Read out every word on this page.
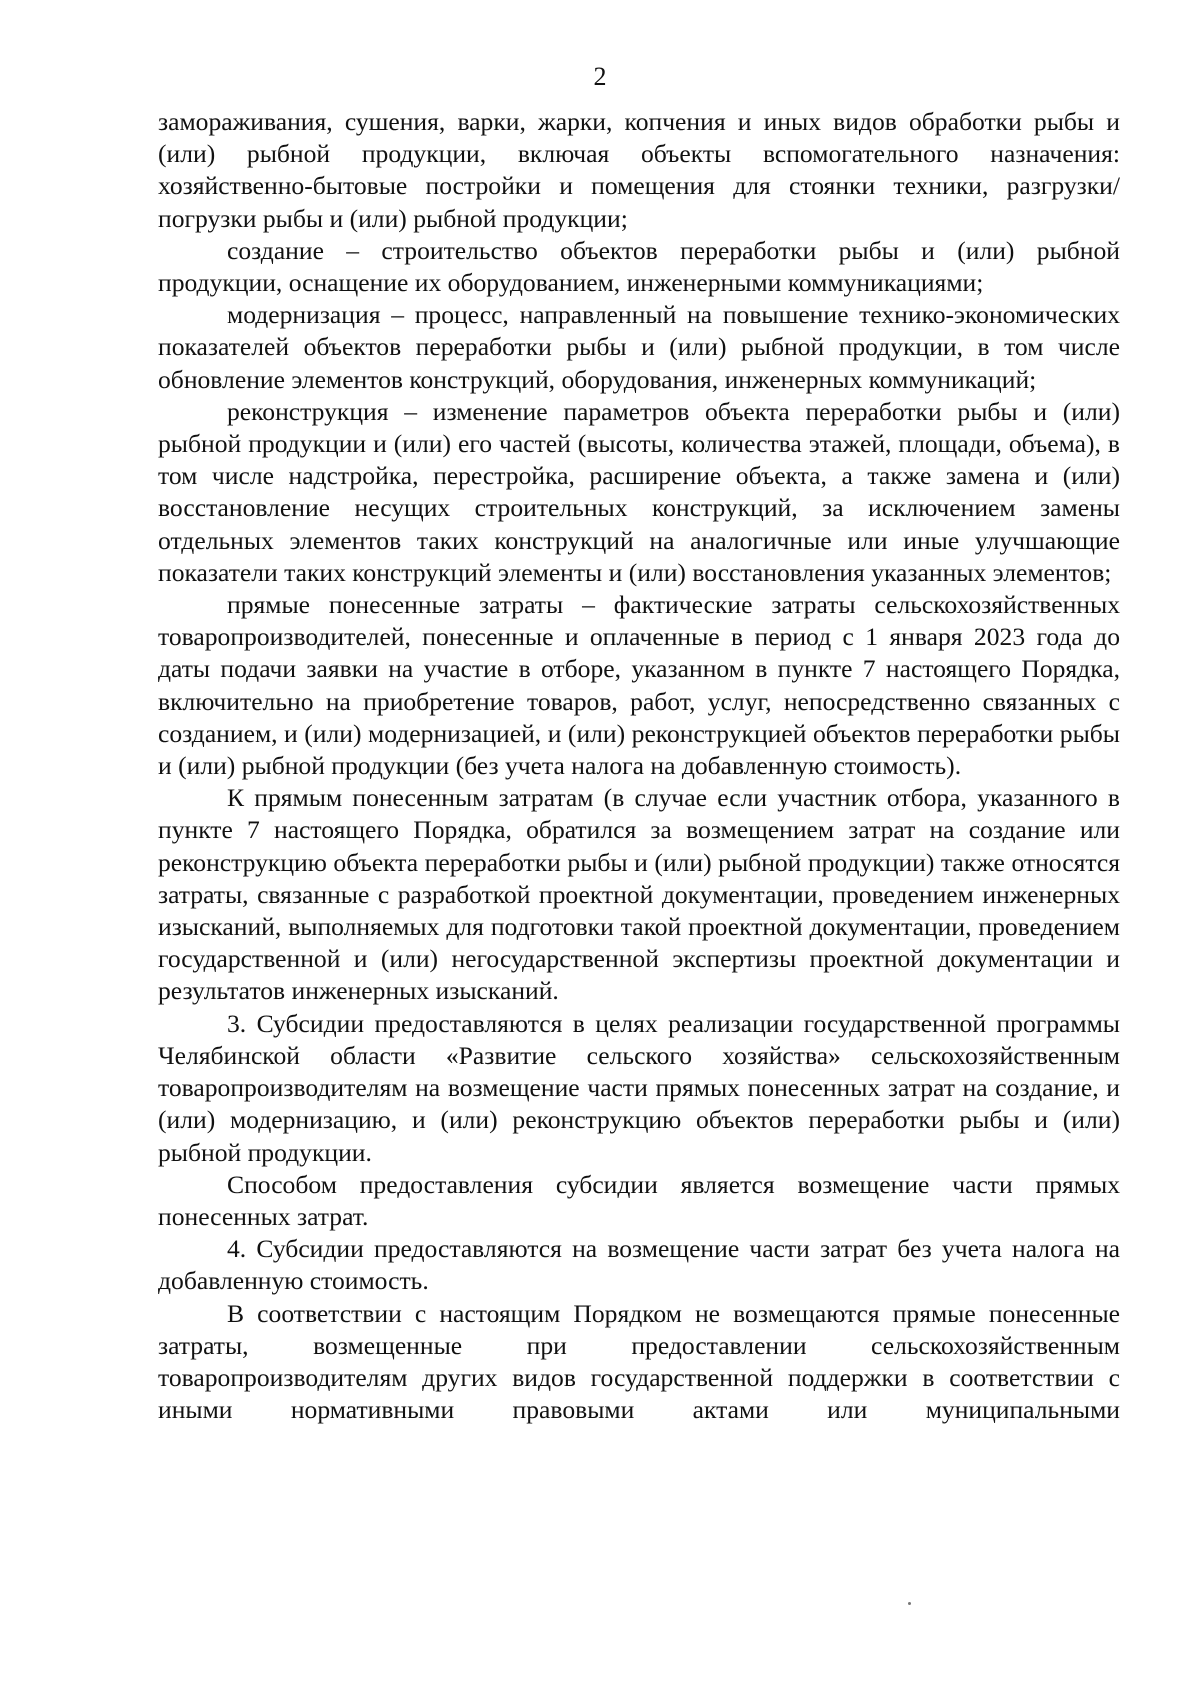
2

замораживания, сушения, варки, жарки, копчения и иных видов обработки рыбы и (или) рыбной продукции, включая объекты вспомогательного назначения: хозяйственно-бытовые постройки и помещения для стоянки техники, разгрузки/погрузки рыбы и (или) рыбной продукции;

создание – строительство объектов переработки рыбы и (или) рыбной продукции, оснащение их оборудованием, инженерными коммуникациями;

модернизация – процесс, направленный на повышение технико-экономических показателей объектов переработки рыбы и (или) рыбной продукции, в том числе обновление элементов конструкций, оборудования, инженерных коммуникаций;

реконструкция – изменение параметров объекта переработки рыбы и (или) рыбной продукции и (или) его частей (высоты, количества этажей, площади, объема), в том числе надстройка, перестройка, расширение объекта, а также замена и (или) восстановление несущих строительных конструкций, за исключением замены отдельных элементов таких конструкций на аналогичные или иные улучшающие показатели таких конструкций элементы и (или) восстановления указанных элементов;

прямые понесенные затраты – фактические затраты сельскохозяйственных товаропроизводителей, понесенные и оплаченные в период с 1 января 2023 года до даты подачи заявки на участие в отборе, указанном в пункте 7 настоящего Порядка, включительно на приобретение товаров, работ, услуг, непосредственно связанных с созданием, и (или) модернизацией, и (или) реконструкцией объектов переработки рыбы и (или) рыбной продукции (без учета налога на добавленную стоимость).

К прямым понесенным затратам (в случае если участник отбора, указанного в пункте 7 настоящего Порядка, обратился за возмещением затрат на создание или реконструкцию объекта переработки рыбы и (или) рыбной продукции) также относятся затраты, связанные с разработкой проектной документации, проведением инженерных изысканий, выполняемых для подготовки такой проектной документации, проведением государственной и (или) негосударственной экспертизы проектной документации и результатов инженерных изысканий.

3. Субсидии предоставляются в целях реализации государственной программы Челябинской области «Развитие сельского хозяйства» сельскохозяйственным товаропроизводителям на возмещение части прямых понесенных затрат на создание, и (или) модернизацию, и (или) реконструкцию объектов переработки рыбы и (или) рыбной продукции.

Способом предоставления субсидии является возмещение части прямых понесенных затрат.

4. Субсидии предоставляются на возмещение части затрат без учета налога на добавленную стоимость.

В соответствии с настоящим Порядком не возмещаются прямые понесенные затраты, возмещенные при предоставлении сельскохозяйственным товаропроизводителям других видов государственной поддержки в соответствии с иными нормативными правовыми актами или муниципальными
